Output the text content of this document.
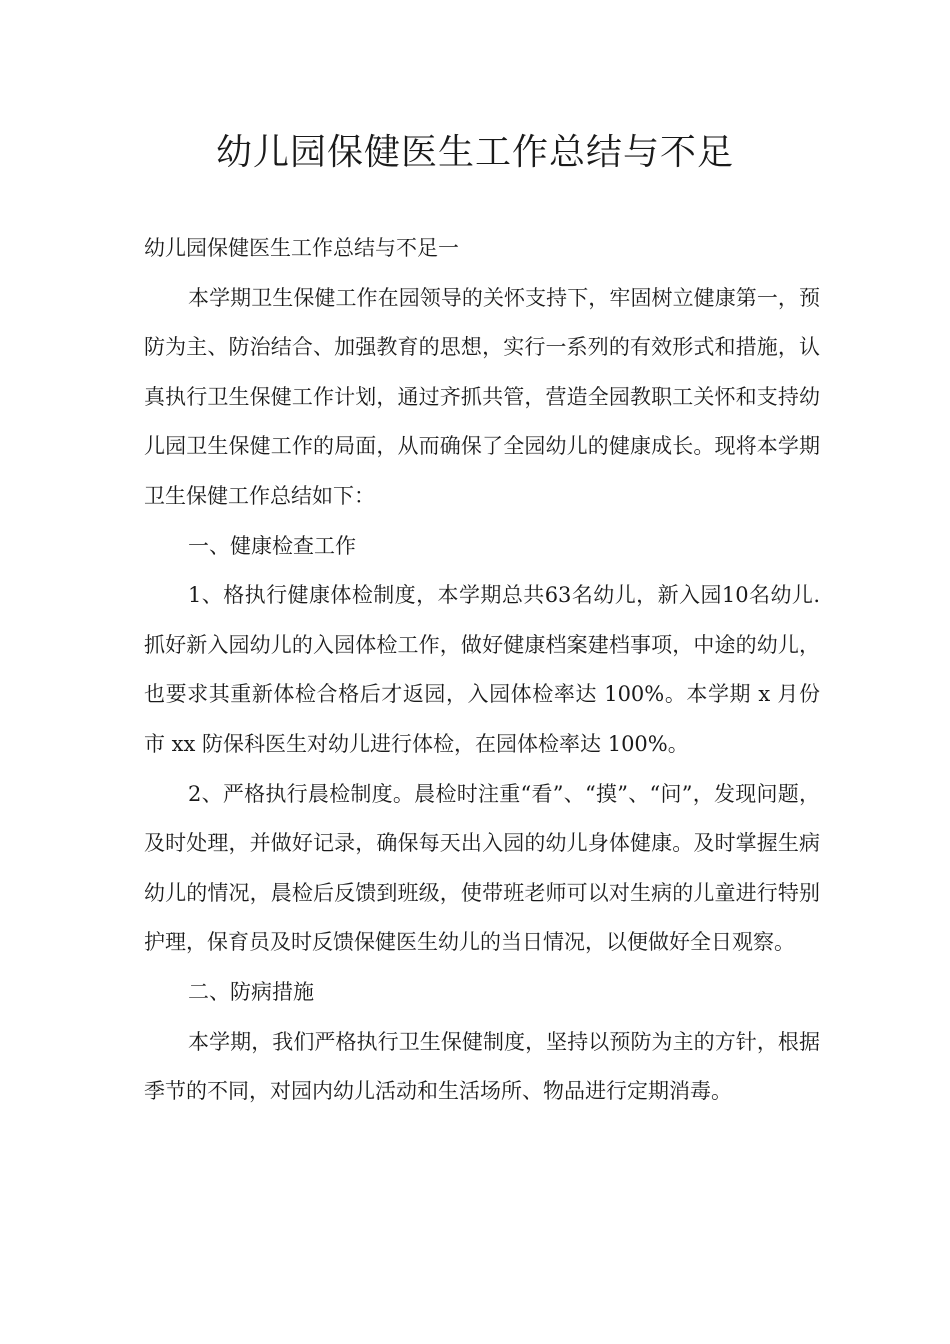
幼儿园保健医生工作总结与不足

幼儿园保健医生工作总结与不足一

本学期卫生保健工作在园领导的关怀支持下，牢固树立健康第一，预防为主、防治结合、加强教育的思想，实行一系列的有效形式和措施，认真执行卫生保健工作计划，通过齐抓共管，营造全园教职工关怀和支持幼儿园卫生保健工作的局面，从而确保了全园幼儿的健康成长。现将本学期卫生保健工作总结如下：

一、健康检查工作

1、格执行健康体检制度，本学期总共63名幼儿，新入园10名幼儿.抓好新入园幼儿的入园体检工作，做好健康档案建档事项，中途的幼儿，也要求其重新体检合格后才返园，入园体检率达 100%。本学期 x 月份市 xx 防保科医生对幼儿进行体检，在园体检率达 100%。

2、严格执行晨检制度。晨检时注重“看”、“摸”、“问”，发现问题，及时处理，并做好记录，确保每天出入园的幼儿身体健康。及时掌握生病幼儿的情况，晨检后反馈到班级，使带班老师可以对生病的儿童进行特别护理，保育员及时反馈保健医生幼儿的当日情况，以便做好全日观察。

二、防病措施

本学期，我们严格执行卫生保健制度，坚持以预防为主的方针，根据季节的不同，对园内幼儿活动和生活场所、物品进行定期消毒。
